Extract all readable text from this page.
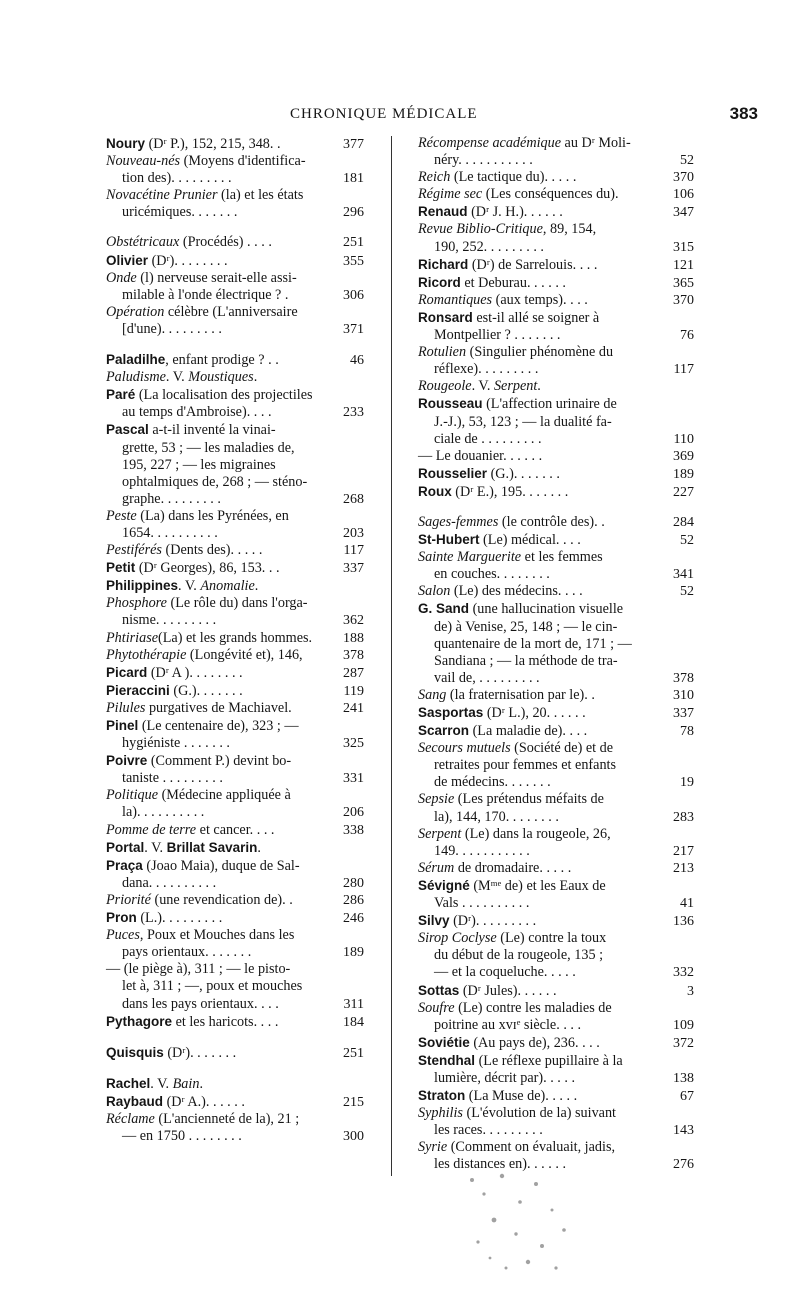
CHRONIQUE MÉDICALE	383
Noury (Dʳ P.), 152, 215, 348. .	377
Nouveau-nés (Moyens d'identifica-
tion des). . . . . . . . .	181
Novacétine Prunier (la) et les états
uricémiques. . . . . . .	296
Obstétricaux (Procédés) . . . .	251
Olivier (Dʳ). . . . . . . .	355
Onde (l) nerveuse serait-elle assi-
milable à l'onde électrique ? .	306
Opération célèbre (L'anniversaire
[d'une). . . . . . . . .	371
Paladilhe, enfant prodige ? . .	46
Paludisme. V. Moustiques.
Paré (La localisation des projectiles
au temps d'Ambroise). . . .	233
Pascal a-t-il inventé la vinai-
grette, 53 ; — les maladies de,
195, 227 ; — les migraines
ophtalmiques de, 268 ; — sténo-
graphe. . . . . . . . .	268
Peste (La) dans les Pyrénées, en
1654. . . . . . . . . .	203
Pestiférés (Dents des). . . . .	117
Petit (Dʳ Georges), 86, 153. . .	337
Philippines. V. Anomalie.
Phosphore (Le rôle du) dans l'orga-
nisme. . . . . . . . .	362
Phtiriase(La) et les grands hommes.	188
Phytothérapie (Longévité et), 146,	378
Picard (Dʳ A ). . . . . . . .	287
Pieraccini (G.). . . . . . .	119
Pilules purgatives de Machiavel.	241
Pinel (Le centenaire de), 323 ; —
hygiéniste . . . . . . .	325
Poivre (Comment P.) devint bo-
taniste . . . . . . . . .	331
Politique (Médecine appliquée à
la). . . . . . . . . .	206
Pomme de terre et cancer. . . .	338
Portal. V. Brillat Savarin.
Praça (Joao Maia), duque de Sal-
dana. . . . . . . . . .	280
Priorité (une revendication de). .	286
Pron (L.). . . . . . . . .	246
Puces, Poux et Mouches dans les
pays orientaux. . . . . . .	189
— (le piège à), 311 ; — le pisto-
let à, 311 ; —, poux et mouches
dans les pays orientaux. . . .	311
Pythagore et les haricots. . . .	184
Quisquis (Dʳ). . . . . . .	251
Rachel. V. Bain.
Raybaud (Dʳ A.). . . . . .	215
Réclame (L'ancienneté de la), 21 ;
— en 1750 . . . . . . . .	300
Récompense académique au Dʳ Moli-
néry. . . . . . . . . . .	52
Reich (Le tactique du). . . . .	370
Régime sec (Les conséquences du).	106
Renaud (Dʳ J. H.). . . . . .	347
Revue Biblio-Critique, 89, 154,
190, 252. . . . . . . . .	315
Richard (Dʳ) de Sarrelouis. . . .	121
Ricord et Deburau. . . . . .	365
Romantiques (aux temps). . . .	370
Ronsard est-il allé se soigner à
Montpellier ? . . . . . . .	76
Rotulien (Singulier phénomène du
réflexe). . . . . . . . .	117
Rougeole. V. Serpent.
Rousseau (L'affection urinaire de
J.-J.), 53, 123 ; — la dualité fa-
ciale de . . . . . . . . .	110
— Le douanier. . . . . .	369
Rousselier (G.). . . . . . .	189
Roux (Dʳ E.), 195. . . . . . .	227
Sages-femmes (le contrôle des). .	284
St-Hubert (Le) médical. . . .	52
Sainte Marguerite et les femmes
en couches. . . . . . . .	341
Salon (Le) des médecins. . . .	52
G. Sand (une hallucination visuelle
de) à Venise, 25, 148 ; — le cin-
quantenaire de la mort de, 171 ; —
Sandiana ; — la méthode de tra-
vail de, . . . . . . . . .	378
Sang (la fraternisation par le). .	310
Sasportas (Dʳ L.), 20. . . . . .	337
Scarron (La maladie de). . . .	78
Secours mutuels (Société de) et de
retraites pour femmes et enfants
de médecins. . . . . . .	19
Sepsie (Les prétendus méfaits de
la), 144, 170. . . . . . . .	283
Serpent (Le) dans la rougeole, 26,
149. . . . . . . . . . .	217
Sérum de dromadaire. . . . .	213
Sévigné (Mᵐᵉ de) et les Eaux de
Vals . . . . . . . . . .	41
Silvy (Dʳ). . . . . . . . .	136
Sirop Coclyse (Le) contre la toux
du début de la rougeole, 135 ;
— et la coqueluche. . . . .	332
Sottas (Dʳ Jules). . . . . .	3
Soufre (Le) contre les maladies de
poitrine au xvɪᵉ siècle. . . .	109
Soviétie (Au pays de), 236. . . .	372
Stendhal (Le réflexe pupillaire à la
lumière, décrit par). . . . .	138
Straton (La Muse de). . . . .	67
Syphilis (L'évolution de la) suivant
les races. . . . . . . . .	143
Syrie (Comment on évaluait, jadis,
les distances en). . . . . .	276
